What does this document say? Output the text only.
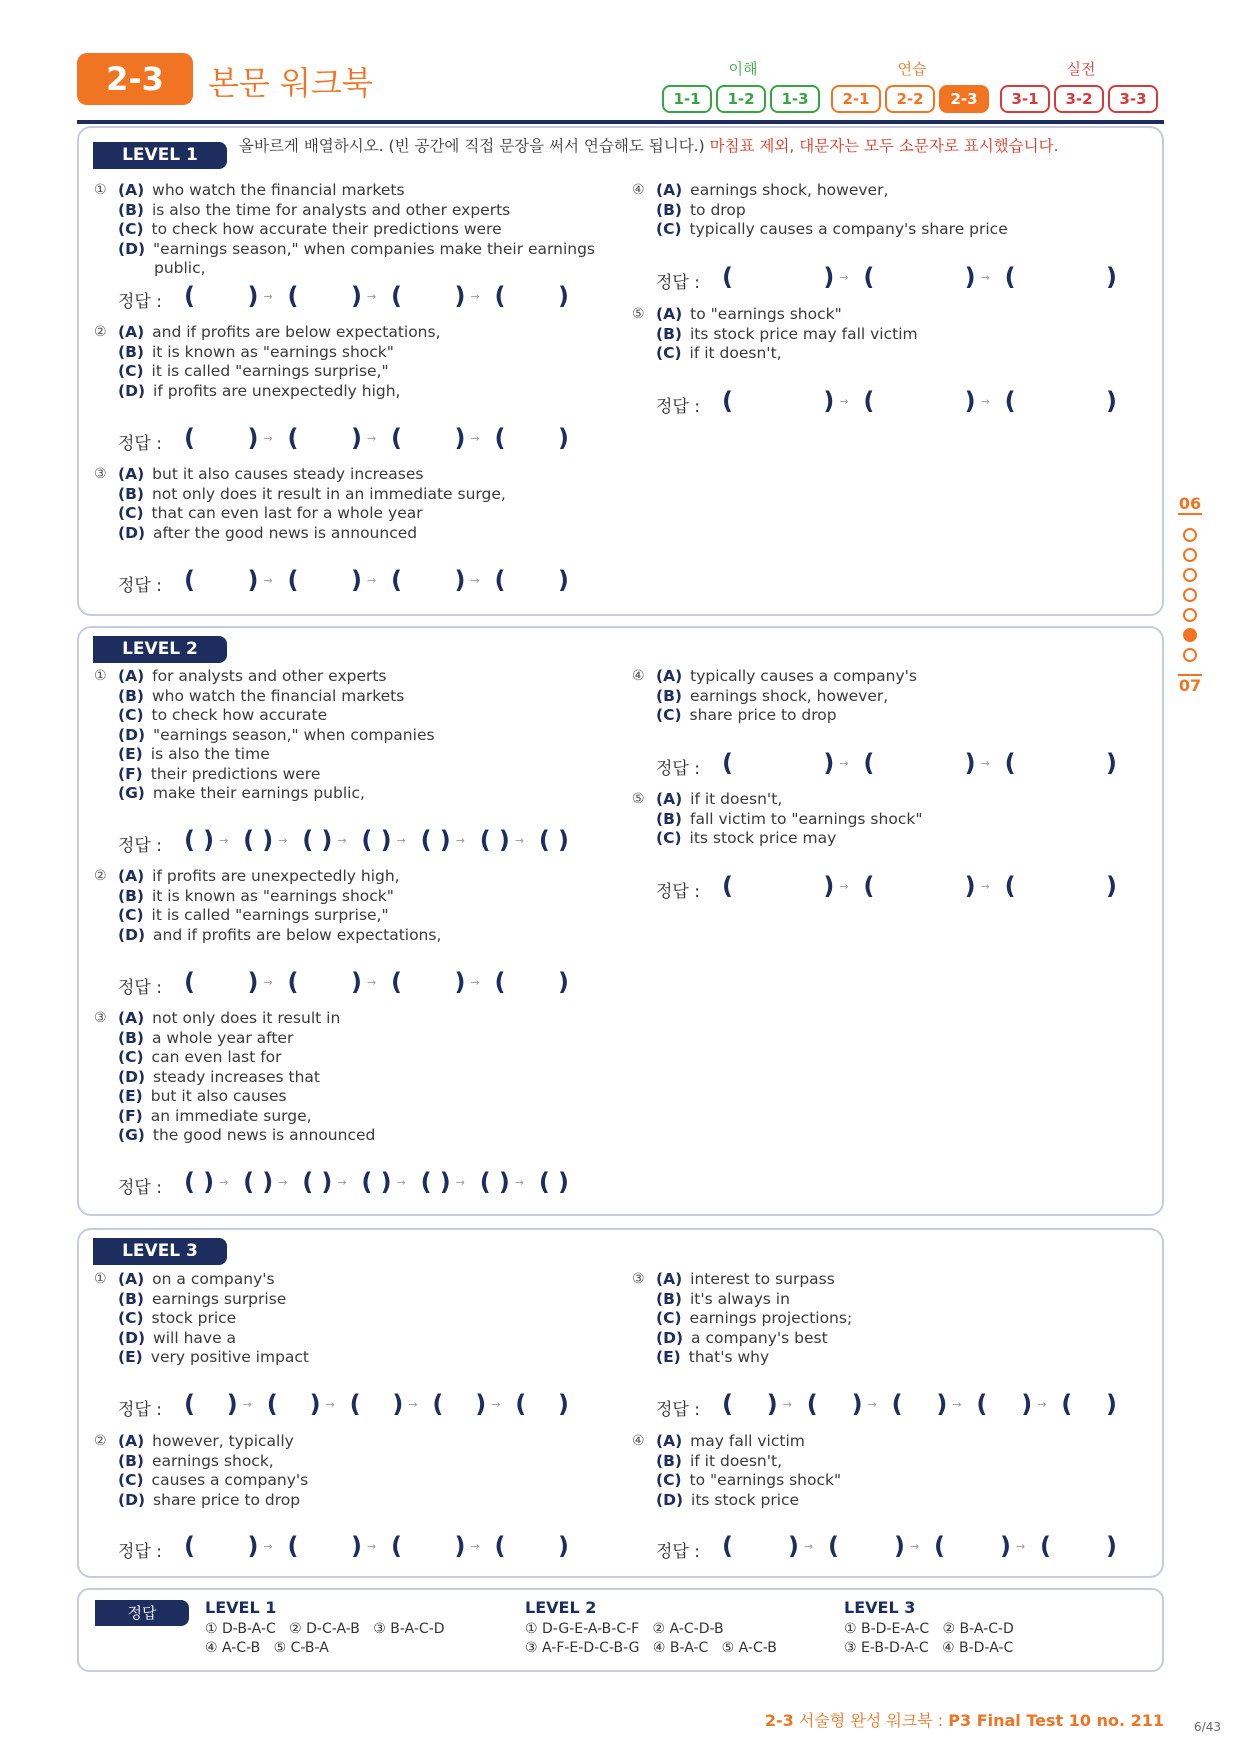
2-3	본문 워크북	이해
1-1	1-2	1-3
연습
2-1	2-2	2-3
실전
3-1	3-2	3-3
06
07
LEVEL 1	올바르게 배열하시오. (빈 공간에 직접 문장을 써서 연습해도 됩니다.) 마침표 제외, 대문자는 모두 소문자로 표시했습니다.
LEVEL 2
LEVEL 3
① (A) who watch the financial markets
(B) is also the time for analysts and other experts
(C) to check how accurate their predictions were
(D) "earnings season," when companies make their earnings
public,
정답 : ( ) → ( ) → ( ) → ( )
② (A) and if profits are below expectations,
(B) it is known as "earnings shock"
(C) it is called "earnings surprise,"
(D) if profits are unexpectedly high,
정답 : ( ) → ( ) → ( ) → ( )
③ (A) but it also causes steady increases
(B) not only does it result in an immediate surge,
(C) that can even last for a whole year
(D) after the good news is announced
정답 : ( ) → ( ) → ( ) → ( )
④ (A) earnings shock, however,
(B) to drop
(C) typically causes a company's share price
정답 : (	) → (	) → (	)
⑤ (A) to "earnings shock"
(B) its stock price may fall victim
(C) if it doesn't,
정답 : (	) → (	) → (	)
① (A) for analysts and other experts
(B) who watch the financial markets
(C) to check how accurate
(D) "earnings season," when companies
(E) is also the time
(F) their predictions were
(G) make their earnings public,
정답 : ( ) → ( ) → ( ) → ( ) → ( ) → ( ) → ( )
② (A) if profits are unexpectedly high,
(B) it is known as "earnings shock"
(C) it is called "earnings surprise,"
(D) and if profits are below expectations,
정답 : ( ) → ( ) → ( ) → ( )
③ (A) not only does it result in
(B) a whole year after
(C) can even last for
(D) steady increases that
(E) but it also causes
(F) an immediate surge,
(G) the good news is announced
정답 : ( ) → ( ) → ( ) → ( ) → ( ) → ( ) → ( )
④ (A) typically causes a company's
(B) earnings shock, however,
(C) share price to drop
정답 : (	) → (	) → (	)
⑤ (A) if it doesn't,
(B) fall victim to "earnings shock"
(C) its stock price may
정답 : (	) → (	) → (	)
① (A) on a company's
(B) earnings surprise
(C) stock price
(D) will have a
(E) very positive impact
정답 : ( ) → ( ) → ( ) → ( ) → ( )
② (A) however, typically
(B) earnings shock,
(C) causes a company's
(D) share price to drop
정답 : ( ) → ( ) → ( ) → ( )
③ (A) interest to surpass
(B) it's always in
(C) earnings projections;
(D) a company's best
(E) that's why
정답 : ( ) → ( ) → ( ) → ( ) → ( )
④ (A) may fall victim
(B) if it doesn't,
(C) to "earnings shock"
(D) its stock price
정답 : ( ) → ( ) → ( ) → ( )
정답	LEVEL 1
① D-B-A-C   ② D-C-A-B   ③ B-A-C-D
④ A-C-B   ⑤ C-B-A
LEVEL 2
① D-G-E-A-B-C-F   ② A-C-D-B
③ A-F-E-D-C-B-G   ④ B-A-C   ⑤ A-C-B
LEVEL 3
① B-D-E-A-C   ② B-A-C-D
③ E-B-D-A-C   ④ B-D-A-C
2-3 서술형 완성 워크북 : P3 Final Test 10 no. 211	6/43
